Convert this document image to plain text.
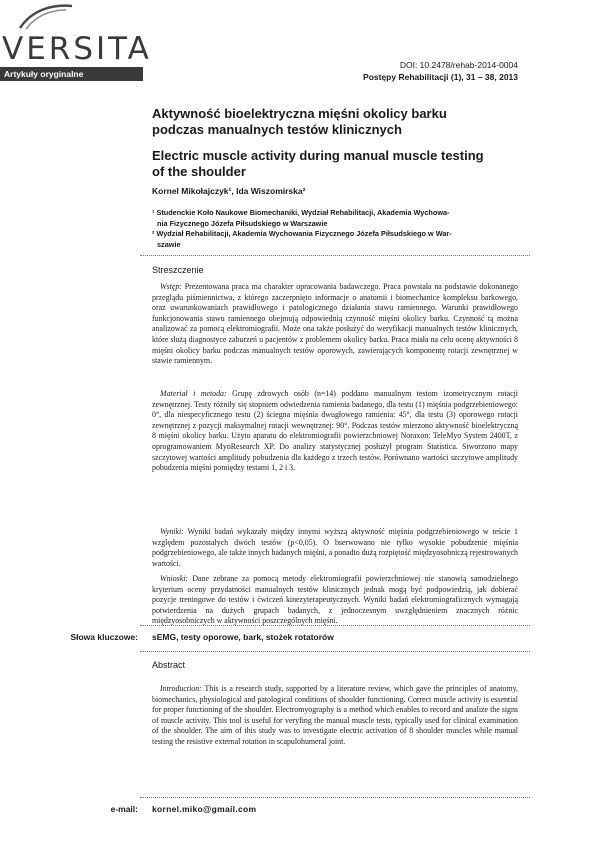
VERSITA
Artykuły oryginalne
DOI: 10.2478/rehab-2014-0004
Postępy Rehabilitacji (1), 31 – 38, 2013
Aktywność bioelektryczna mięśni okolicy barku
podczas manualnych testów klinicznych
Electric muscle activity during manual muscle testing
of the shoulder
Kornel Mikołajczyk¹, Ida Wiszomirska²
¹ Studenckie Koło Naukowe Biomechaniki, Wydział Rehabilitacji, Akademia Wychowa-
nia Fizycznego Józefa Piłsudskiego w Warszawie
² Wydział Rehabilitacji, Akademia Wychowania Fizycznego Józefa Piłsudskiego w War-
szawie
Streszczenie
Wstęp: Prezentowana praca ma charakter opracowania badawczego. Praca powstała na podstawie dokonanego przeglądu piśmiennictwa, z którego zaczerpnięto informacje o anatomii i biomechanice kompleksu barkowego, oraz uwarunkowaniach prawidłowego i patologicznego działania stawu ramiennego. Warunki prawidłowego funkcjonowania stawu ramiennego obejmują odpowiednią czynność mięśni okolicy barku. Czynność tą można analizować za pomocą elektromiografii. Może ona także posłużyć do weryfikacji manualnych testów klinicznych, które służą diagnostyce zaburzeń u pacjentów z problemem okolicy barku. Praca miała na celu ocenę aktywności 8 mięśni okolicy barku podczas manualnych testów oporowych, zawierających komponentę rotacji zewnętrznej w stawie ramiennym.
Materiał i metoda: Grupę zdrowych osób (n=14) poddano manualnym testom izometrycznym rotacji zewnętrznej. Testy różniły się stopniem odwiedzenia ramienia badanego, dla testu (1) mięśnia podgrzebieniowego: 0°, dla niespecyficznego testu (2) ściegna mięśnia dwugłowego ramienia: 45°, dla testu (3) oporowego rotacji zewnętrznej z pozycji maksymalnej rotacji wewnętrznej: 90°. Podczas testów mierzono aktywność bioelektryczną 8 mięśni okolicy barku. Użyto aparatu do elektromiografii powierzchniowej Noraxon: TeleMyo System 2400T, z oprogramowaniem MyoResearch XP. Do analizy statystycznej posłużył program Statistica. Stworzono mapy szczytowej wartości amplitudy pobudzenia dla każdego z trzech testów. Porównano wartości szczytowe amplitudy pobudzenia mięśni pomiędzy testami 1, 2 i 3.
Wyniki: Wyniki badań wykazały między innymi wyższą aktywność mięśnia podgrzebieniowego w teście 1 względem pozostałych dwóch testów (p<0,05). O bserwowano nie tylko wysokie pobudzenie mięśnia podgrzebieniowego, ale także innych badanych mięśni, a ponadto dużą rozpiętość międzyosobniczą rejestrowanych wartości.
Wnioski: Dane zebrane za pomocą metody elektromiografii powierzchniowej nie stanowią samodzielnego kryterium oceny przydatności manualnych testów klinicznych jednak mogą być podpowiedzią, jak dobierać pozycje treningowe do testów i ćwiczeń kinezyterapeutycznych. Wyniki badań elektromiograficznych wymagają potwierdzenia na dużych grupach badanych, z jednoczesnym uwzględnieniem znacznych różnic międzyosobniczych w aktywności poszczególnych mięśni.
Słowa kluczowe: sEMG, testy oporowe, bark, stożek rotatorów
Abstract
Introduction: This is a research study, supported by a literature review, which gave the principles of anatomy, biomechanics, physiological and patological conditions of shoulder functioning. Correct muscle activity is essential for proper functioning of the shoulder. Electromyography is a method which enables to record and analize the signs of muscle activity. This tool is useful for veryfing the manual muscle tests, typically used for clinical examination of the shoulder. The aim of this study was to investigate electric activation of 8 shoulder muscles while manual testing the resistive external rotation in scapulohumeral joint.
e-mail: kornel.miko@gmail.com
